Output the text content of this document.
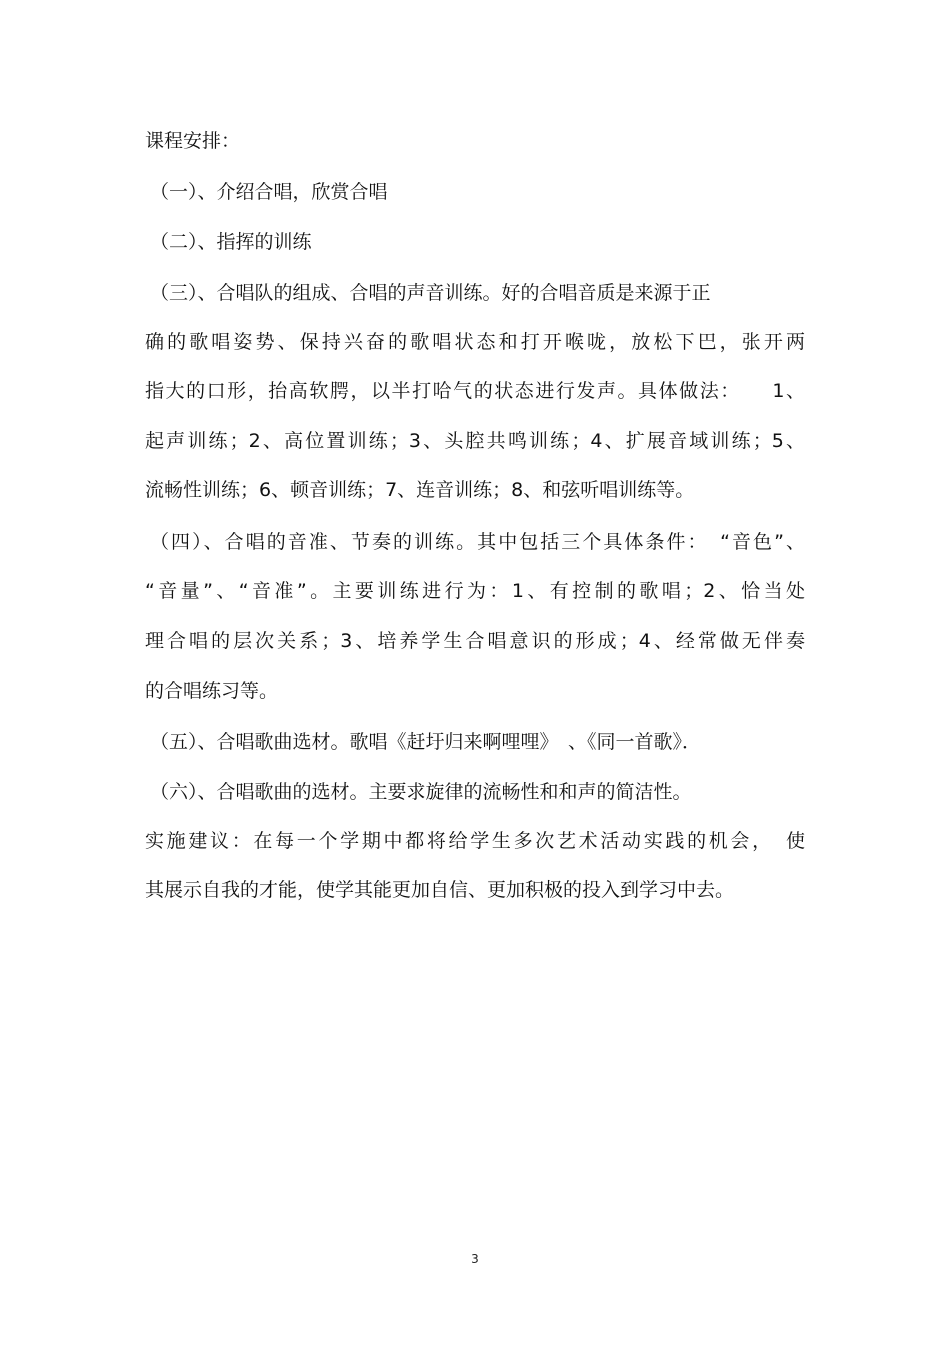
课程安排：
（一）、介绍合唱，欣赏合唱
（二）、指挥的训练
（三）、合唱队的组成、合唱的声音训练。好的合唱音质是来源于正
确的歌唱姿势、保持兴奋的歌唱状态和打开喉咙，放松下巴，张开两
指大的口形，抬高软腭，以半打哈气的状态进行发声。具体做法：　　1、
起声训练；2、高位置训练；3、头腔共鸣训练；4、扩展音域训练；5、
流畅性训练；6、顿音训练；7、连音训练；8、和弦听唱训练等。
（四）、合唱的音准、节奏的训练。其中包括三个具体条件：　“音色”、
“音量”、“音准”。主要训练进行为：1、有控制的歌唱；2、恰当处
理合唱的层次关系；3、培养学生合唱意识的形成；4、经常做无伴奏
的合唱练习等。
（五）、合唱歌曲选材。歌唱《赶圩归来啊哩哩》　、《同一首歌》．
（六）、合唱歌曲的选材。主要求旋律的流畅性和和声的简洁性。
实施建议：在每一个学期中都将给学生多次艺术活动实践的机会，　使
其展示自我的才能，使学其能更加自信、更加积极的投入到学习中去。
3
